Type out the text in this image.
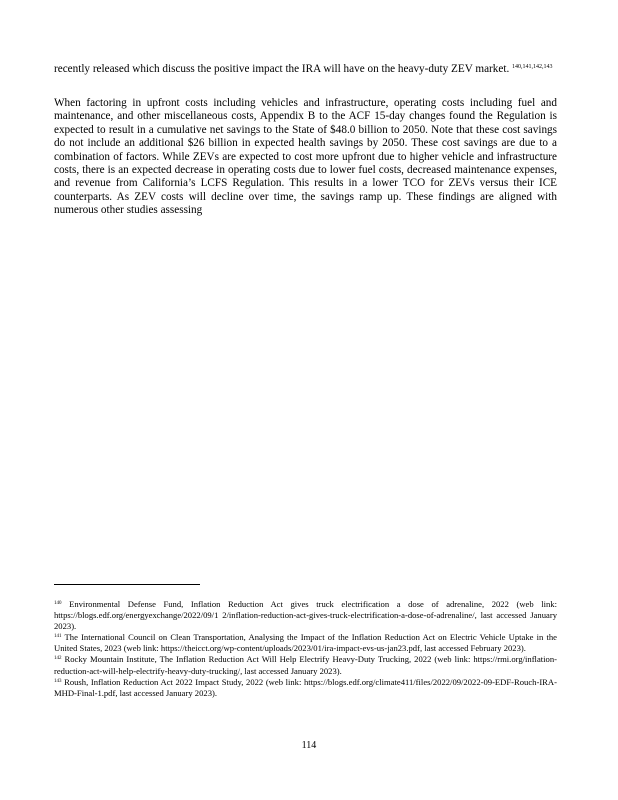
recently released which discuss the positive impact the IRA will have on the heavy-duty ZEV market. $^{140,141,142,143}$

When factoring in upfront costs including vehicles and infrastructure, operating costs including fuel and maintenance, and other miscellaneous costs, Appendix B to the ACF 15-day changes found the Regulation is expected to result in a cumulative net savings to the State of $48.0 billion to 2050. Note that these cost savings do not include an additional $26 billion in expected health savings by 2050. These cost savings are due to a combination of factors. While ZEVs are expected to cost more upfront due to higher vehicle and infrastructure costs, there is an expected decrease in operating costs due to lower fuel costs, decreased maintenance expenses, and revenue from California’s LCFS Regulation. This results in a lower TCO for ZEVs versus their ICE counterparts. As ZEV costs will decline over time, the savings ramp up. These findings are aligned with numerous other studies assessing

$^{140}$ Environmental Defense Fund, Inflation Reduction Act gives truck electrification a dose of adrenaline, 2022 (web link: https://blogs.edf.org/energyexchange/2022/09/1 2/inflation-reduction-act-gives-truck-electrification-a-dose-of-adrenaline/, last accessed January 2023).

$^{141}$ The International Council on Clean Transportation, Analysing the Impact of the Inflation Reduction Act on Electric Vehicle Uptake in the United States, 2023 (web link: https://theicct.org/wp-content/uploads/2023/01/ira-impact-evs-us-jan23.pdf, last accessed February 2023).

$^{142}$ Rocky Mountain Institute, The Inflation Reduction Act Will Help Electrify Heavy-Duty Trucking, 2022 (web link: https://rmi.org/inflation-reduction-act-will-help-electrify-heavy-duty-trucking/, last accessed January 2023).

$^{143}$ Roush, Inflation Reduction Act 2022 Impact Study, 2022 (web link: https://blogs.edf.org/climate411/files/2022/09/2022-09-EDF-Rouch-IRA-MHD-Final-1.pdf, last accessed January 2023).

114
